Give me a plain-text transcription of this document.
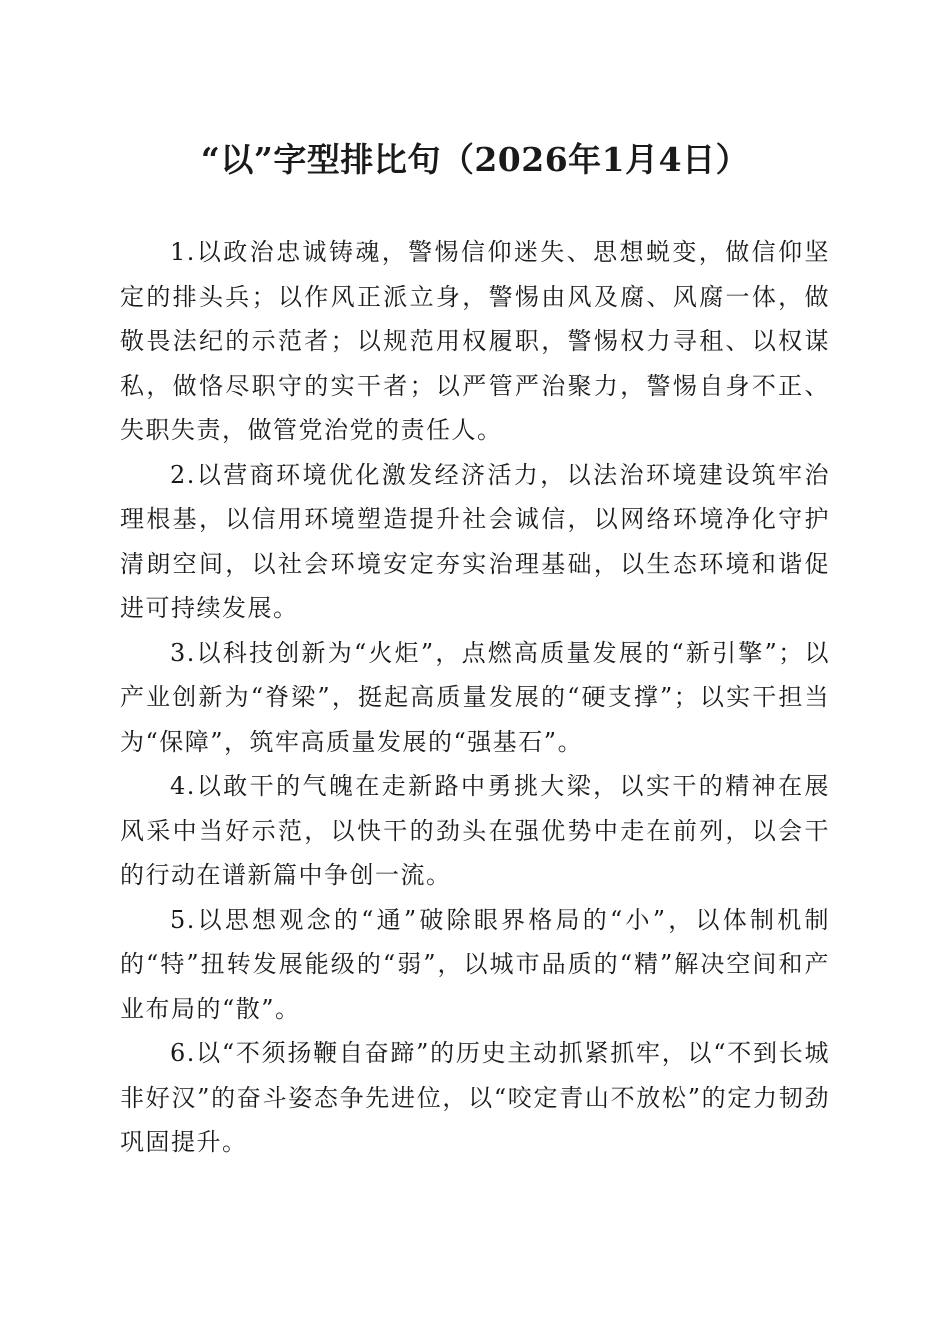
“以”字型排比句（2026年1月4日）

1.以政治忠诚铸魂，警惕信仰迷失、思想蜕变，做信仰坚定的排头兵；以作风正派立身，警惕由风及腐、风腐一体，做敬畏法纪的示范者；以规范用权履职，警惕权力寻租、以权谋私，做恪尽职守的实干者；以严管严治聚力，警惕自身不正、失职失责，做管党治党的责任人。

2.以营商环境优化激发经济活力，以法治环境建设筑牢治理根基，以信用环境塑造提升社会诚信，以网络环境净化守护清朗空间，以社会环境安定夯实治理基础，以生态环境和谐促进可持续发展。

3.以科技创新为“火炬”，点燃高质量发展的“新引擎”；以产业创新为“脊梁”，挺起高质量发展的“硬支撑”；以实干担当为“保障”，筑牢高质量发展的“强基石”。

4.以敢干的气魄在走新路中勇挑大梁，以实干的精神在展风采中当好示范，以快干的劲头在强优势中走在前列，以会干的行动在谱新篇中争创一流。

5.以思想观念的“通”破除眼界格局的“小”，以体制机制的“特”扭转发展能级的“弱”，以城市品质的“精”解决空间和产业布局的“散”。

6.以“不须扬鞭自奋蹄”的历史主动抓紧抓牢，以“不到长城非好汉”的奋斗姿态争先进位，以“咬定青山不放松”的定力韧劲巩固提升。
